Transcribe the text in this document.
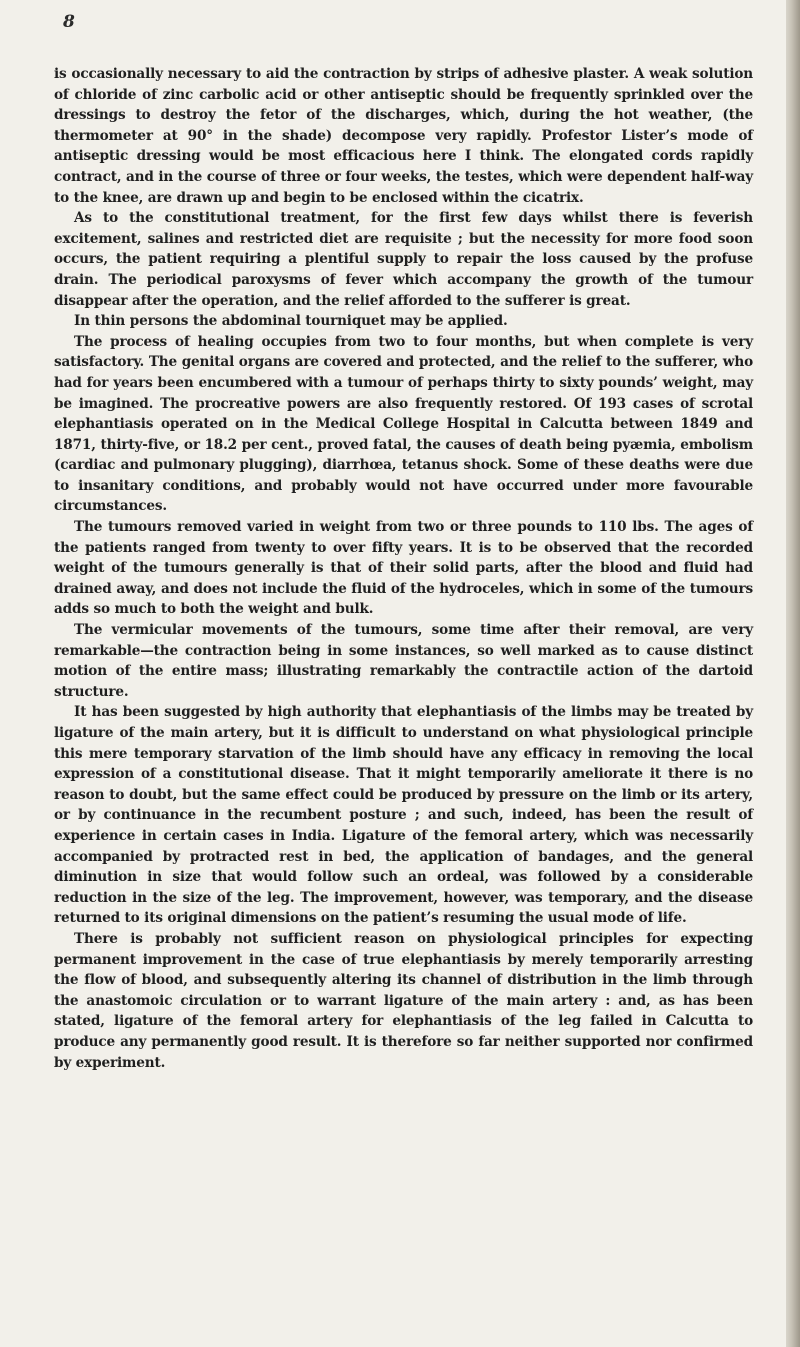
8

is occasionally necessary to aid the contraction by strips of adhesive plaster. A weak solution of chloride of zinc carbolic acid or other antiseptic should be frequently sprinkled over the dressings to destroy the fetor of the discharges, which, during the hot weather, (the thermometer at 90° in the shade) decompose very rapidly. Profestor Lister’s mode of antiseptic dressing would be most efficacious here I think. The elongated cords rapidly contract, and in the course of three or four weeks, the testes, which were dependent half-way to the knee, are drawn up and begin to be enclosed within the cicatrix.

As to the constitutional treatment, for the first few days whilst there is feverish excitement, salines and restricted diet are requisite ; but the necessity for more food soon occurs, the patient requiring a plentiful supply to repair the loss caused by the profuse drain. The periodical paroxysms of fever which accompany the growth of the tumour disappear after the operation, and the relief afforded to the sufferer is great.

In thin persons the abdominal tourniquet may be applied.

The process of healing occupies from two to four months, but when complete is very satisfactory. The genital organs are covered and protected, and the relief to the sufferer, who had for years been encumbered with a tumour of perhaps thirty to sixty pounds’ weight, may be imagined. The procreative powers are also frequently restored. Of 193 cases of scrotal elephantiasis operated on in the Medical College Hospital in Calcutta between 1849 and 1871, thirty-five, or 18.2 per cent., proved fatal, the causes of death being pyæmia, embolism (cardiac and pulmonary plugging), diarrhœa, tetanus shock. Some of these deaths were due to insanitary conditions, and probably would not have occurred under more favourable circumstances.

The tumours removed varied in weight from two or three pounds to 110 lbs. The ages of the patients ranged from twenty to over fifty years. It is to be observed that the recorded weight of the tumours generally is that of their solid parts, after the blood and fluid had drained away, and does not include the fluid of the hydroceles, which in some of the tumours adds so much to both the weight and bulk.

The vermicular movements of the tumours, some time after their removal, are very remarkable—the contraction being in some instances, so well marked as to cause distinct motion of the entire mass; illustrating remarkably the contractile action of the dartoid structure.

It has been suggested by high authority that elephantiasis of the limbs may be treated by ligature of the main artery, but it is difficult to understand on what physiological principle this mere temporary starvation of the limb should have any efficacy in removing the local expression of a constitutional disease. That it might temporarily ameliorate it there is no reason to doubt, but the same effect could be produced by pressure on the limb or its artery, or by continuance in the recumbent posture ; and such, indeed, has been the result of experience in certain cases in India. Ligature of the femoral artery, which was necessarily accompanied by protracted rest in bed, the application of bandages, and the general diminution in size that would follow such an ordeal, was followed by a considerable reduction in the size of the leg. The improvement, however, was temporary, and the disease returned to its original dimensions on the patient’s resuming the usual mode of life.

There is probably not sufficient reason on physiological principles for expecting permanent improvement in the case of true elephantiasis by merely temporarily arresting the flow of blood, and subsequently altering its channel of distribution in the limb through the anastomoic circulation or to warrant ligature of the main artery : and, as has been stated, ligature of the femoral artery for elephantiasis of the leg failed in Calcutta to produce any permanently good result. It is therefore so far neither supported nor confirmed by experiment.
